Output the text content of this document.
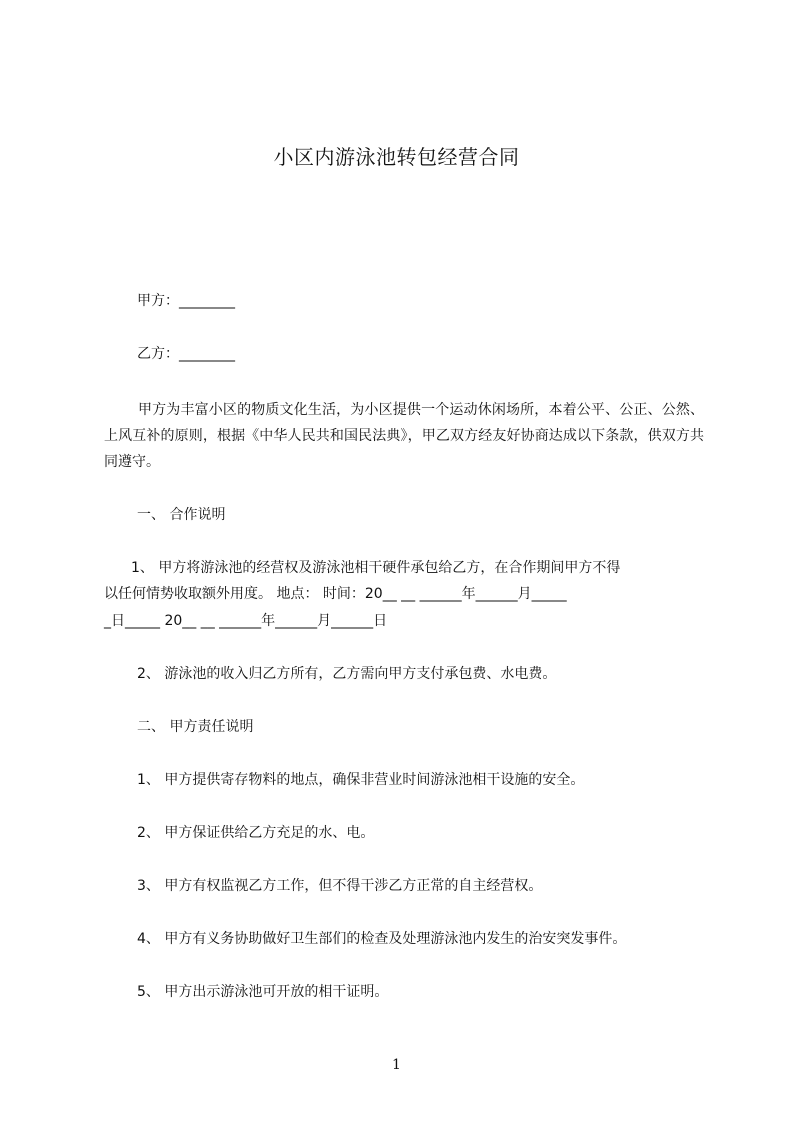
小区内游泳池转包经营合同
甲方：________
乙方：________
甲方为丰富小区的物质文化生活，为小区提供一个运动休闲场所，本着公平、公正、公然、上风互补的原则，根据《中华人民共和国民法典》，甲乙双方经友好协商达成以下条款，供双方共同遵守。
一、 合作说明
1、 甲方将游泳池的经营权及游泳池相干硬件承包给乙方，在合作期间甲方不得
以任何情势收取额外用度。 地点： 时间：20__ __ ______年______月_____
_日_____ 20__ __ ______年______月______日
2、 游泳池的收入归乙方所有，乙方需向甲方支付承包费、水电费。
二、 甲方责任说明
1、 甲方提供寄存物料的地点，确保非营业时间游泳池相干设施的安全。
2、 甲方保证供给乙方充足的水、电。
3、 甲方有权监视乙方工作，但不得干涉乙方正常的自主经营权。
4、 甲方有义务协助做好卫生部们的检查及处理游泳池内发生的治安突发事件。
5、 甲方出示游泳池可开放的相干证明。
1
